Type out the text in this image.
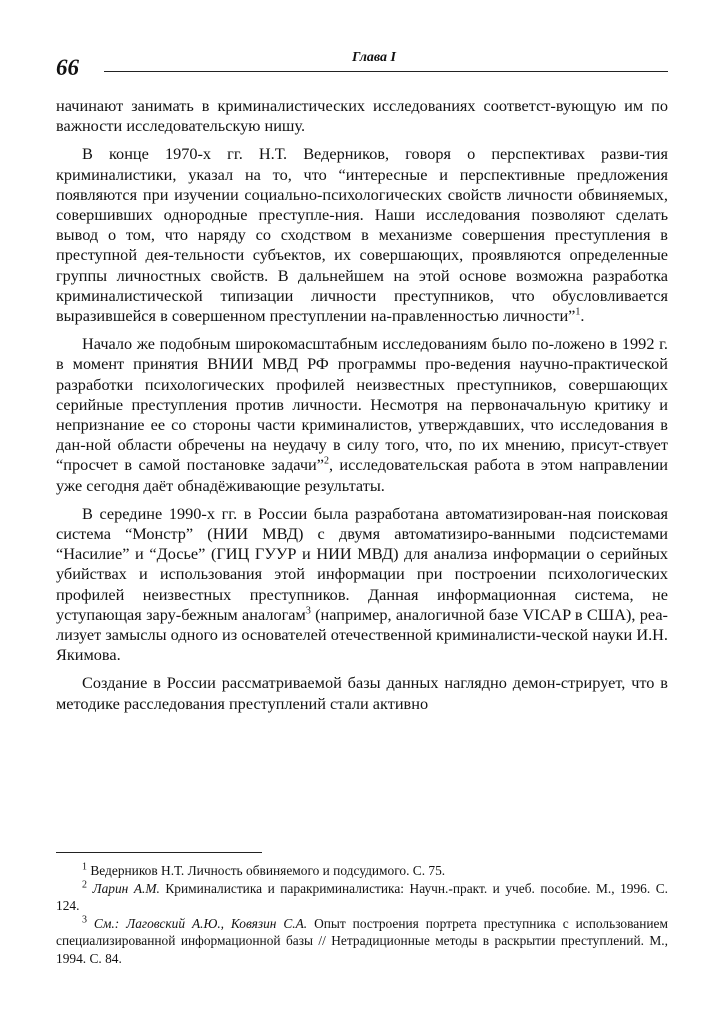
66	Глава I

начинают занимать в криминалистических исследованиях соответст-вующую им по важности исследовательскую нишу.

В конце 1970-х гг. Н.Т. Ведерников, говоря о перспективах разви-тия криминалистики, указал на то, что “интересные и перспективные предложения появляются при изучении социально-психологических свойств личности обвиняемых, совершивших однородные преступле-ния. Наши исследования позволяют сделать вывод о том, что наряду со сходством в механизме совершения преступления в преступной дея-тельности субъектов, их совершающих, проявляются определенные группы личностных свойств. В дальнейшем на этой основе возможна разработка криминалистической типизации личности преступников, что обусловливается выразившейся в совершенном преступлении на-правленностью личности”$^1$.

Начало же подобным широкомасштабным исследованиям было по-ложено в 1992 г. в момент принятия ВНИИ МВД РФ программы про-ведения научно-практической разработки психологических профилей неизвестных преступников, совершающих серийные преступления против личности. Несмотря на первоначальную критику и непризнание ее со стороны части криминалистов, утверждавших, что исследования в дан-ной области обречены на неудачу в силу того, что, по их мнению, присут-ствует “просчет в самой постановке задачи”$^2$, исследовательская работа в этом направлении уже сегодня даёт обнадёживающие результаты.

В середине 1990-х гг. в России была разработана автоматизирован-ная поисковая система “Монстр” (НИИ МВД) с двумя автоматизиро-ванными подсистемами “Насилие” и “Досье” (ГИЦ ГУУР и НИИ МВД) для анализа информации о серийных убийствах и использования этой информации при построении психологических профилей неизвестных преступников. Данная информационная система, не уступающая зару-бежным аналогам$^3$ (например, аналогичной базе VICAP в США), реа-лизует замыслы одного из основателей отечественной криминалисти-ческой науки И.Н. Якимова.

Создание в России рассматриваемой базы данных наглядно демон-стрирует, что в методике расследования преступлений стали активно

$^1$ Ведерников Н.Т. Личность обвиняемого и подсудимого. С. 75.

$^2$ Ларин А.М. Криминалистика и паракриминалистика: Научн.-практ. и учеб. пособие. М., 1996. С. 124.

$^3$ См.: Лаговский А.Ю., Ковязин С.А. Опыт построения портрета преступника с использованием специализированной информационной базы // Нетрадиционные методы в раскрытии преступлений. М., 1994. С. 84.
